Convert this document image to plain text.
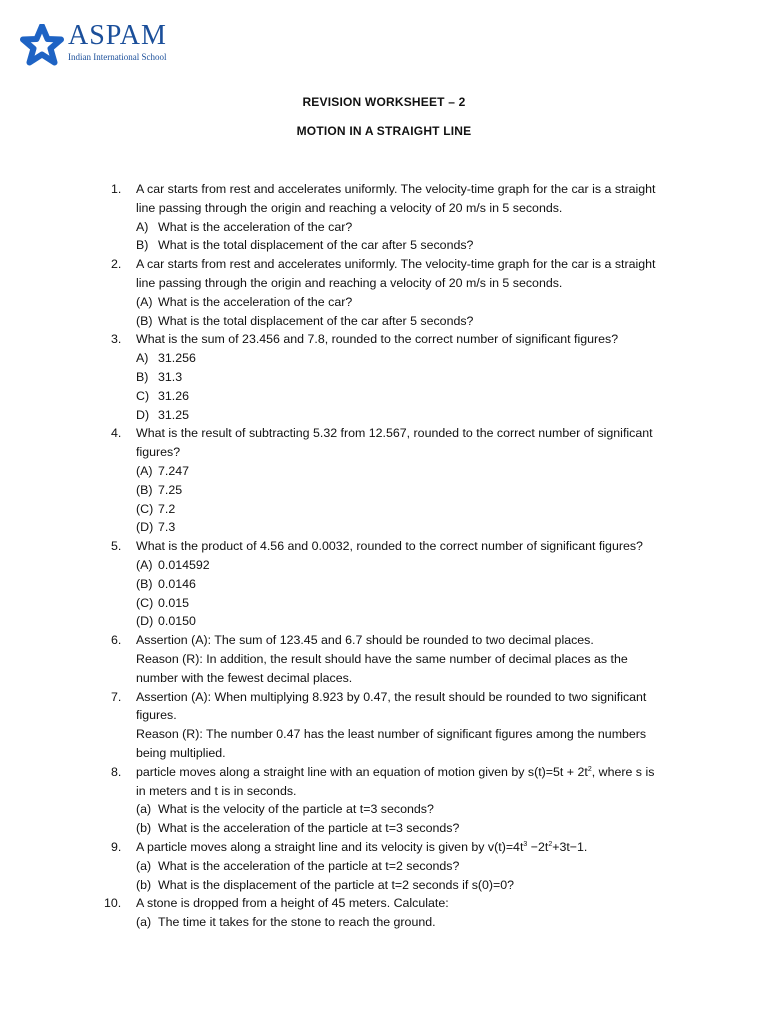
ASPAM
Indian International School
REVISION WORKSHEET – 2
MOTION IN A STRAIGHT LINE
1. A car starts from rest and accelerates uniformly. The velocity-time graph for the car is a straight
line passing through the origin and reaching a velocity of 20 m/s in 5 seconds.
A) What is the acceleration of the car?
B) What is the total displacement of the car after 5 seconds?
2. A car starts from rest and accelerates uniformly. The velocity-time graph for the car is a straight
line passing through the origin and reaching a velocity of 20 m/s in 5 seconds.
(A) What is the acceleration of the car?
(B) What is the total displacement of the car after 5 seconds?
3. What is the sum of 23.456 and 7.8, rounded to the correct number of significant figures?
A) 31.256
B) 31.3
C) 31.26
D) 31.25
4. What is the result of subtracting 5.32 from 12.567, rounded to the correct number of significant
figures?
(A) 7.247
(B) 7.25
(C) 7.2
(D) 7.3
5. What is the product of 4.56 and 0.0032, rounded to the correct number of significant figures?
(A) 0.014592
(B) 0.0146
(C) 0.015
(D) 0.0150
6. Assertion (A): The sum of 123.45 and 6.7 should be rounded to two decimal places.
Reason (R): In addition, the result should have the same number of decimal places as the
number with the fewest decimal places.
7. Assertion (A): When multiplying 8.923 by 0.47, the result should be rounded to two significant
figures.
Reason (R): The number 0.47 has the least number of significant figures among the numbers
being multiplied.
8. particle moves along a straight line with an equation of motion given by $s(t)=5t + 2t^2$, where s is
in meters and t is in seconds.
(a) What is the velocity of the particle at t=3 seconds?
(b) What is the acceleration of the particle at t=3 seconds?
9. A particle moves along a straight line and its velocity is given by $v(t)=4t^3 -2t^2+3t-1$.
(a) What is the acceleration of the particle at t=2 seconds?
(b) What is the displacement of the particle at t=2 seconds if s(0)=0?
10. A stone is dropped from a height of 45 meters. Calculate:
(a) The time it takes for the stone to reach the ground.
